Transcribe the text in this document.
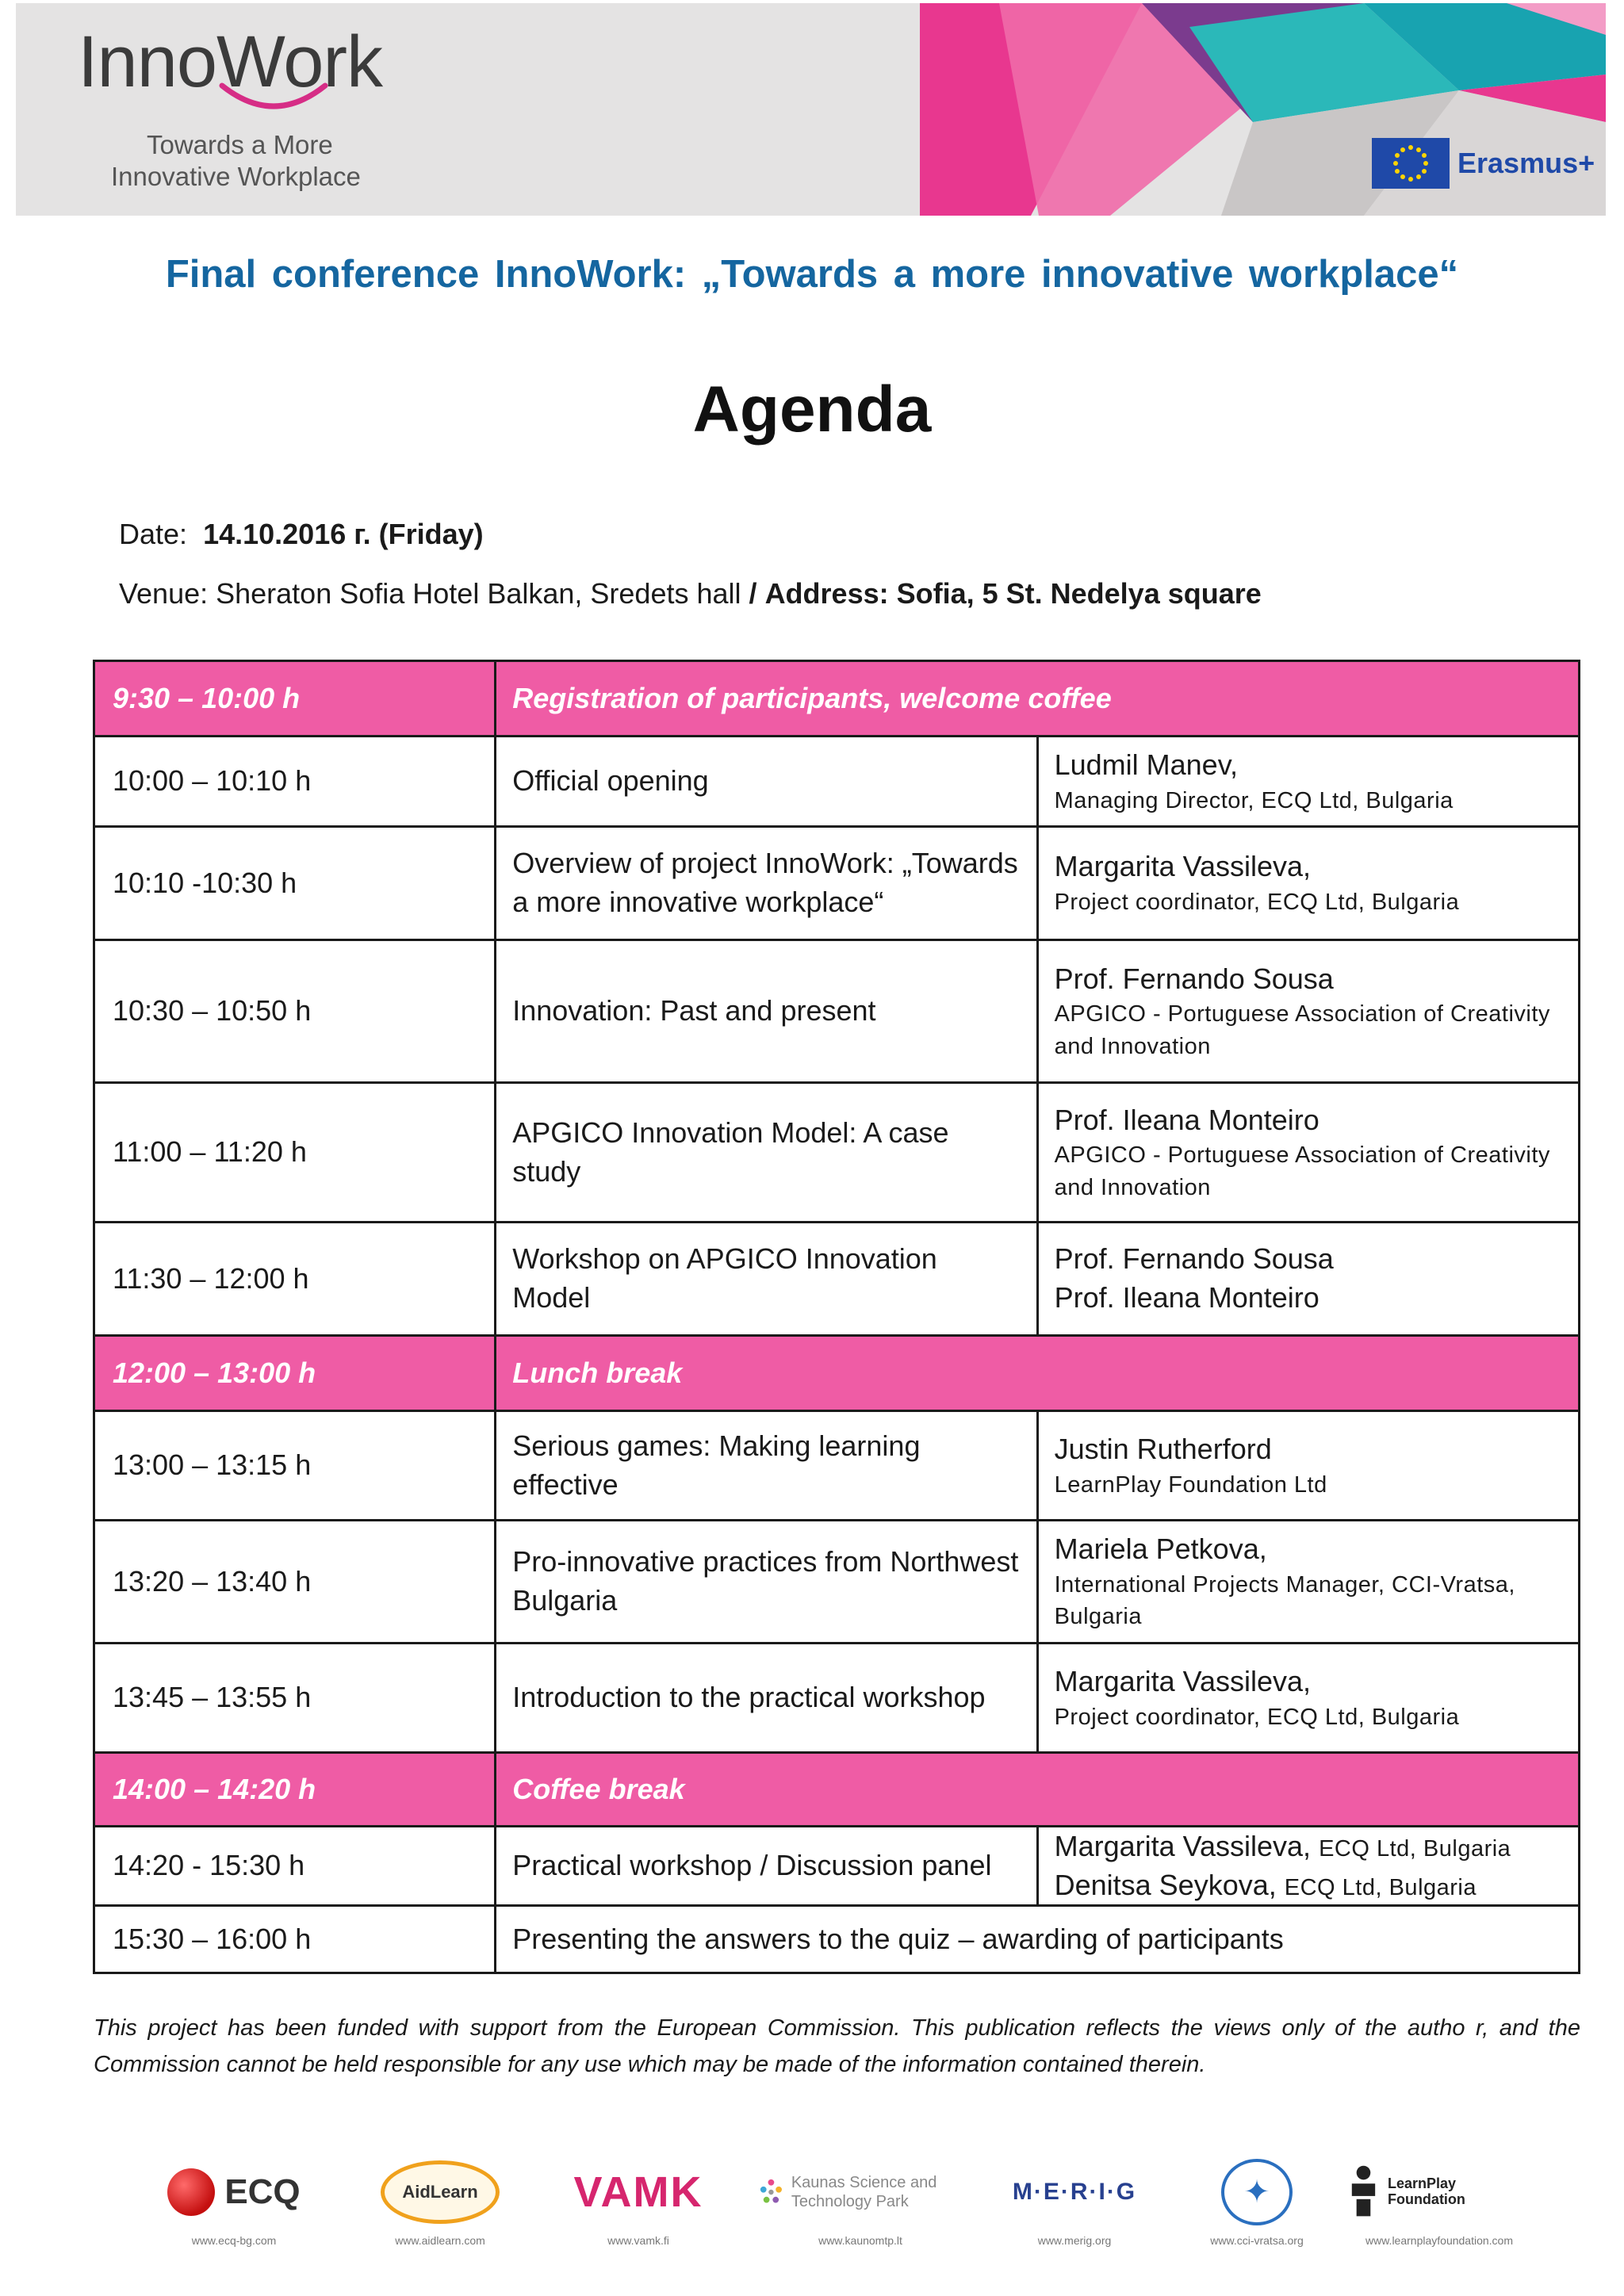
InnoWork
Towards a More
Innovative Workplace	Erasmus+
Final conference InnoWork: „Towards a more innovative workplace“
Agenda
Date: 14.10.2016 г. (Friday)
Venue: Sheraton Sofia Hotel Balkan, Sredets hall / Address: Sofia, 5 St. Nedelya square
9:30 – 10:00 h	Registration of participants, welcome coffee	
10:00 – 10:10 h	Official opening	Ludmil Manev,
Managing Director, ECQ Ltd, Bulgaria

10:10 -10:30 h	Overview of project InnoWork: „Towards a more innovative workplace“	Margarita Vassileva,
Project coordinator, ECQ Ltd, Bulgaria

10:30 – 10:50 h	Innovation: Past and present	Prof. Fernando Sousa
APGICO - Portuguese Association of Creativity and Innovation

11:00 – 11:20 h	APGICO Innovation Model: A case study	Prof. Ileana Monteiro
APGICO - Portuguese Association of Creativity and Innovation

11:30 – 12:00 h	Workshop on APGICO Innovation Model	Prof. Fernando Sousa
Prof. Ileana Monteiro

12:00 – 13:00 h	Lunch break	
13:00 – 13:15 h	Serious games: Making learning effective	Justin Rutherford
LearnPlay Foundation Ltd

13:20 – 13:40 h	Pro-innovative practices from Northwest Bulgaria	Mariela Petkova,
International Projects Manager, CCI-Vratsa, Bulgaria

13:45 – 13:55 h	Introduction to the practical workshop	Margarita Vassileva,
Project coordinator, ECQ Ltd, Bulgaria

14:00 – 14:20 h	Coffee break	
14:20 - 15:30 h	Practical workshop / Discussion panel	Margarita Vassileva, ECQ Ltd, Bulgaria
Denitsa Seykova, ECQ Ltd, Bulgaria

15:30 – 16:00 h	Presenting the answers to the quiz – awarding of participants	
This project has been funded with support from the European Commission. This publication reflects the views only of the autho r, and the Commission cannot be held responsible for any use which may be made of the information contained therein.
ECQ
www.ecq-bg.com
AidLearn
www.aidlearn.com
VAMK
www.vamk.fi
Kaunas Science and Technology Park
www.kaunomtp.lt
M·E·R·I·G
www.merig.org
✦
www.cci-vratsa.org
LearnPlay Foundation
www.learnplayfoundation.com
